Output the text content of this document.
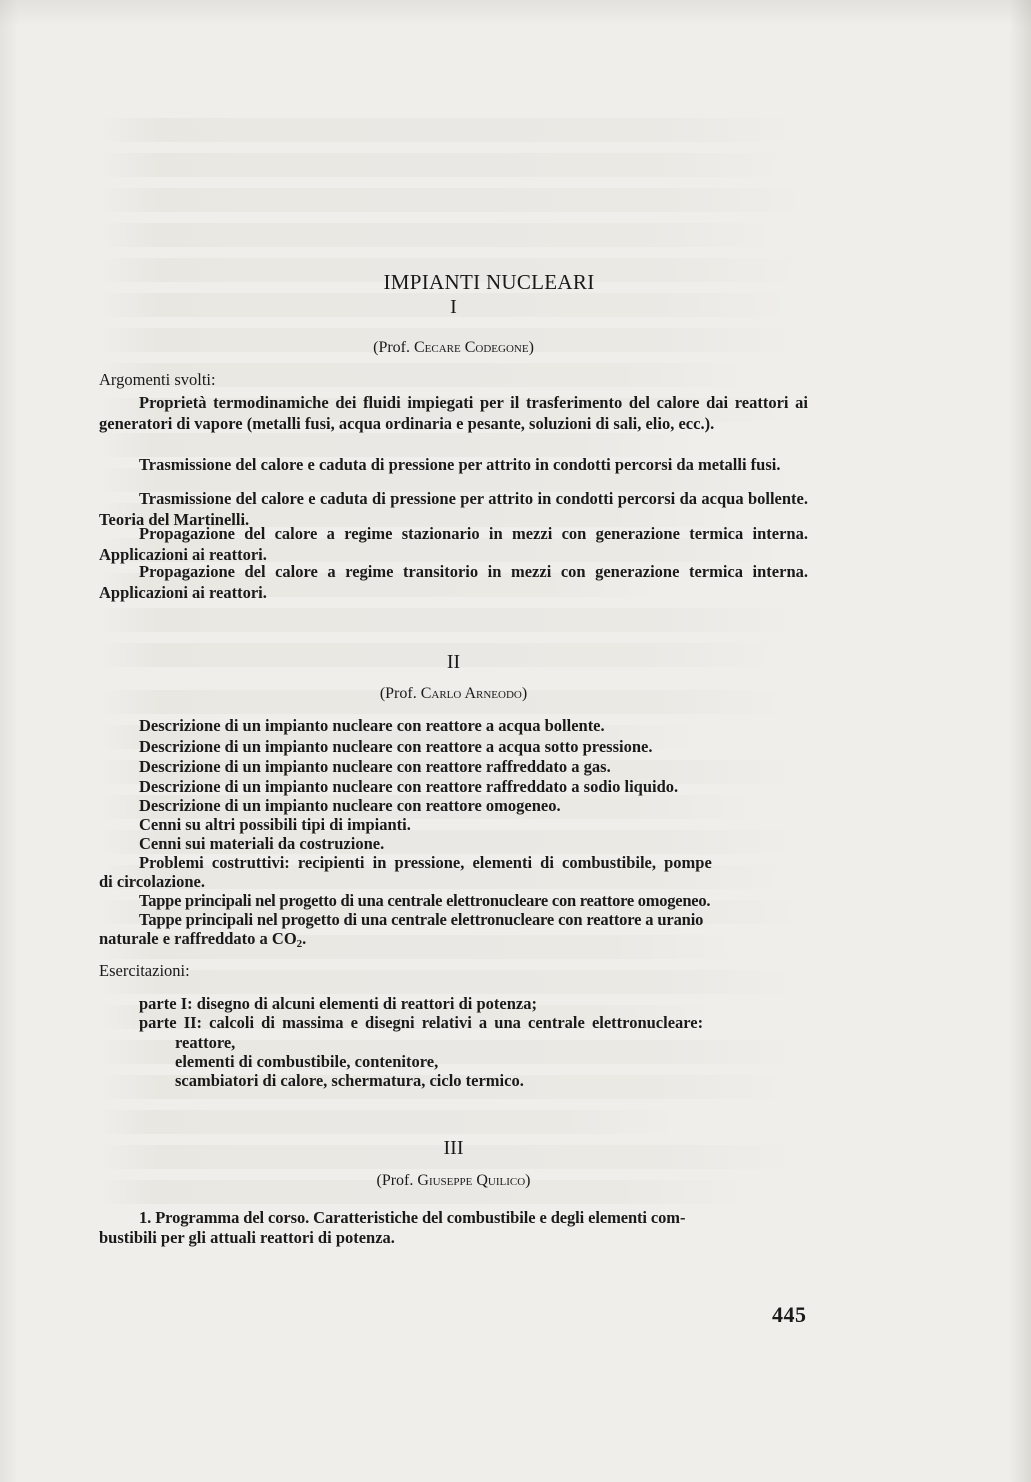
IMPIANTI NUCLEARI
I
(Prof. Cecare Codegone)
Argomenti svolti:
Proprietà termodinamiche dei fluidi impiegati per il trasferimento del calore dai reattori ai generatori di vapore (metalli fusi, acqua ordinaria e pesante, soluzioni di sali, elio, ecc.).
Trasmissione del calore e caduta di pressione per attrito in condotti percorsi da metalli fusi.
Trasmissione del calore e caduta di pressione per attrito in condotti percorsi da acqua bollente. Teoria del Martinelli.
Propagazione del calore a regime stazionario in mezzi con generazione termica interna. Applicazioni ai reattori.
Propagazione del calore a regime transitorio in mezzi con generazione termica interna. Applicazioni ai reattori.
II
(Prof. Carlo Arneodo)
Descrizione di un impianto nucleare con reattore a acqua bollente.
Descrizione di un impianto nucleare con reattore a acqua sotto pressione.
Descrizione di un impianto nucleare con reattore raffreddato a gas.
Descrizione di un impianto nucleare con reattore raffreddato a sodio liquido.
Descrizione di un impianto nucleare con reattore omogeneo.
Cenni su altri possibili tipi di impianti.
Cenni sui materiali da costruzione.
Problemi costruttivi: recipienti in pressione, elementi di combustibile, pompe
di circolazione.
Tappe principali nel progetto di una centrale elettronucleare con reattore omogeneo.
Tappe principali nel progetto di una centrale elettronucleare con reattore a uranio
naturale e raffreddato a $CO_2$.
Esercitazioni:
parte I: disegno di alcuni elementi di reattori di potenza;
parte II: calcoli di massima e disegni relativi a una centrale elettronucleare:
reattore,
elementi di combustibile, contenitore,
scambiatori di calore, schermatura, ciclo termico.
III
(Prof. Giuseppe Quilico)
1. Programma del corso. Caratteristiche del combustibile e degli elementi com-
bustibili per gli attuali reattori di potenza.
445
